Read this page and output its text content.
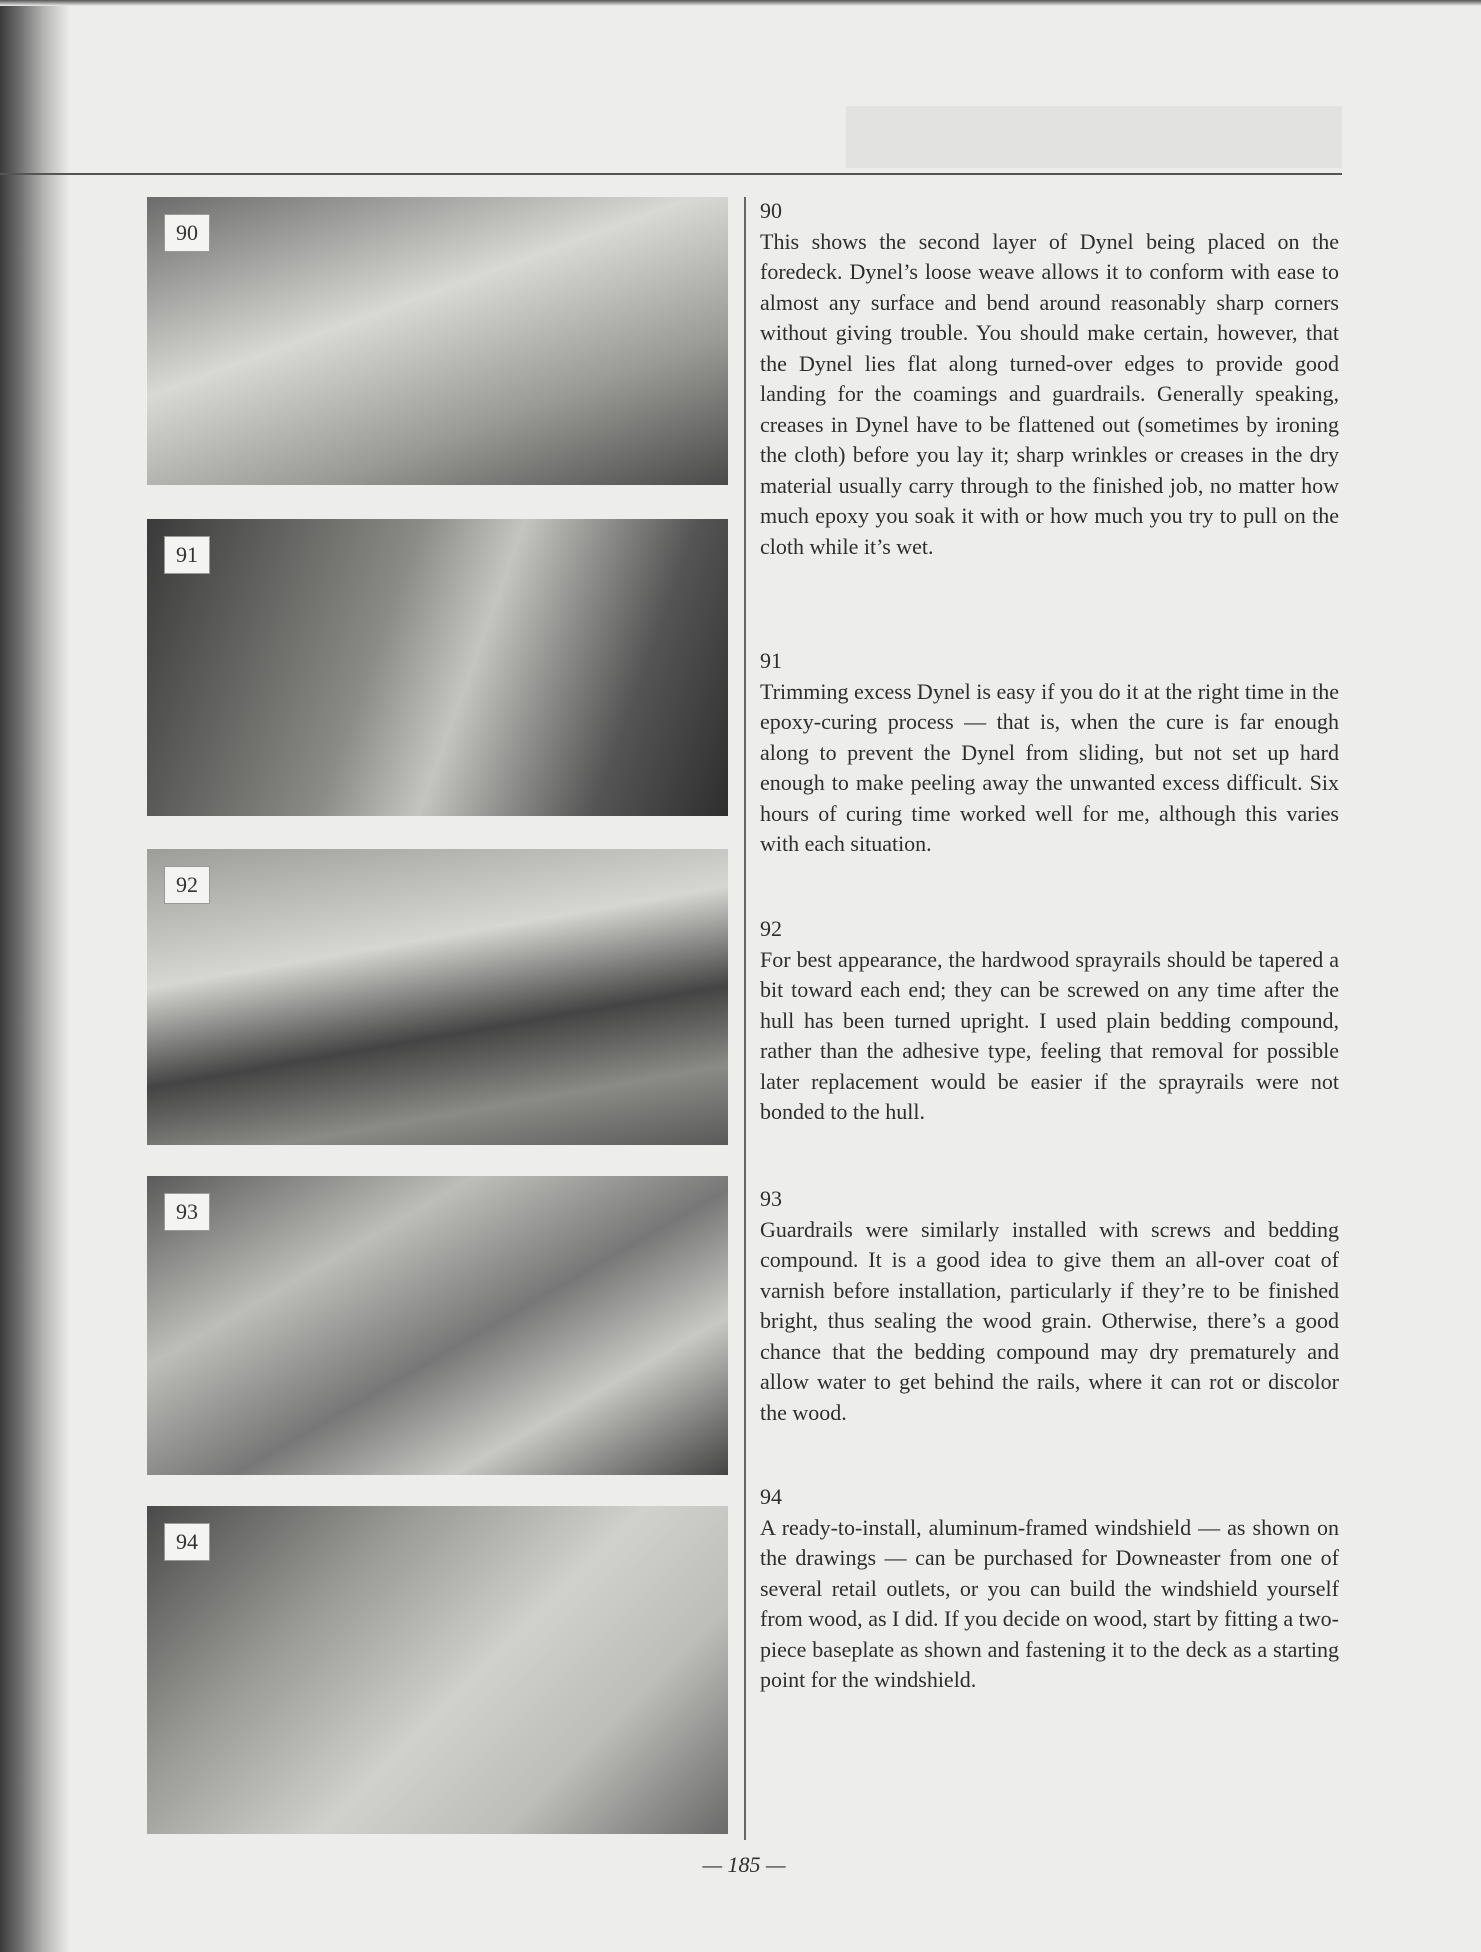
90
91
92
93
94
90
This shows the second layer of Dynel being placed on the foredeck. Dynel’s loose weave allows it to conform with ease to almost any surface and bend around reasonably sharp corners without giving trouble. You should make certain, however, that the Dynel lies flat along turned-over edges to provide good landing for the coamings and guardrails. Generally speaking, creases in Dynel have to be flattened out (sometimes by ironing the cloth) before you lay it; sharp wrinkles or creases in the dry material usually carry through to the finished job, no matter how much epoxy you soak it with or how much you try to pull on the cloth while it’s wet.
91
Trimming excess Dynel is easy if you do it at the right time in the epoxy-curing process — that is, when the cure is far enough along to prevent the Dynel from sliding, but not set up hard enough to make peeling away the unwanted excess difficult. Six hours of curing time worked well for me, although this varies with each situation.
92
For best appearance, the hardwood sprayrails should be tapered a bit toward each end; they can be screwed on any time after the hull has been turned upright. I used plain bedding compound, rather than the adhesive type, feeling that removal for possible later replacement would be easier if the sprayrails were not bonded to the hull.
93
Guardrails were similarly installed with screws and bedding compound. It is a good idea to give them an all-over coat of varnish before installation, particularly if they’re to be finished bright, thus sealing the wood grain. Otherwise, there’s a good chance that the bedding compound may dry prematurely and allow water to get behind the rails, where it can rot or discolor the wood.
94
A ready-to-install, aluminum-framed windshield — as shown on the drawings — can be purchased for Downeaster from one of several retail outlets, or you can build the windshield yourself from wood, as I did. If you decide on wood, start by fitting a two-piece baseplate as shown and fastening it to the deck as a starting point for the windshield.
— 185 —
